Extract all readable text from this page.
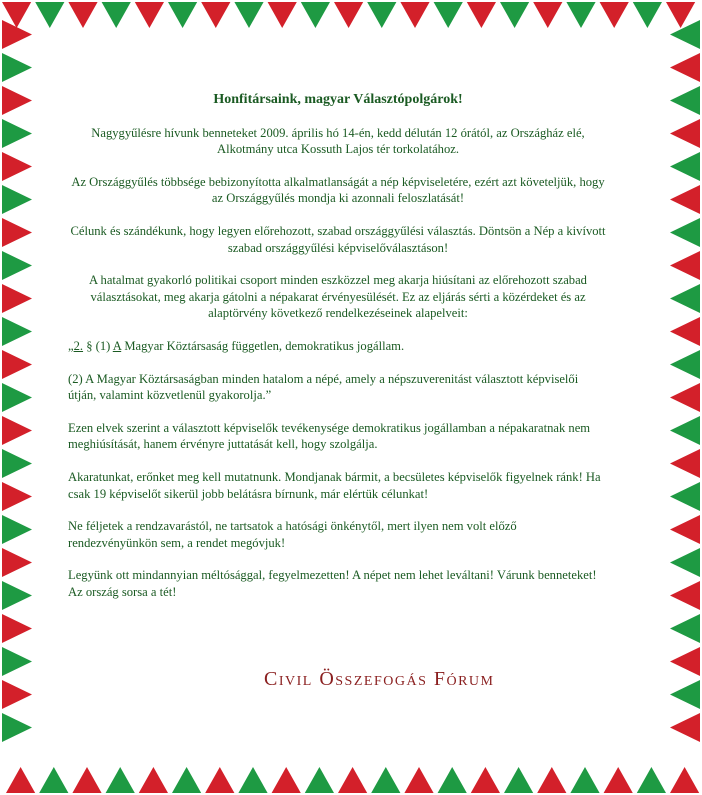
Honfitársaink, magyar Választópolgárok!

Nagygyűlésre hívunk benneteket 2009. április hó 14-én, kedd délután 12 órától, az Országház elé, Alkotmány utca Kossuth Lajos tér torkolatához.

Az Országgyűlés többsége bebizonyította alkalmatlanságát a nép képviseletére, ezért azt követeljük, hogy az Országgyűlés mondja ki azonnali feloszlatását!

Célunk és szándékunk, hogy legyen előrehozott, szabad országgyűlési választás. Döntsön a Nép a kivívott szabad országgyűlési képviselőválasztáson!

A hatalmat gyakorló politikai csoport minden eszközzel meg akarja hiúsítani az előrehozott szabad választásokat, meg akarja gátolni a népakarat érvényesülését. Ez az eljárás sérti a közérdeket és az alaptörvény következő rendelkezéseinek alapelveit:

„2. § (1) A Magyar Köztársaság független, demokratikus jogállam.

(2) A Magyar Köztársaságban minden hatalom a népé, amely a népszuverenitást választott képviselői útján, valamint közvetlenül gyakorolja.”

Ezen elvek szerint a választott képviselők tevékenysége demokratikus jogállamban a népakaratnak nem meghiúsítását, hanem érvényre juttatását kell, hogy szolgálja.

Akaratunkat, erőnket meg kell mutatnunk. Mondjanak bármit, a becsületes képviselők figyelnek ránk! Ha csak 19 képviselőt sikerül jobb belátásra bírnunk, már elértük célunkat!

Ne féljetek a rendzavarástól, ne tartsatok a hatósági önkénytől, mert ilyen nem volt előző rendezvényünkön sem, a rendet megóvjuk!

Legyünk ott mindannyian méltósággal, fegyelmezetten! A népet nem lehet leváltani! Várunk benneteket! Az ország sorsa a tét!

Civil Összefogás Fórum
